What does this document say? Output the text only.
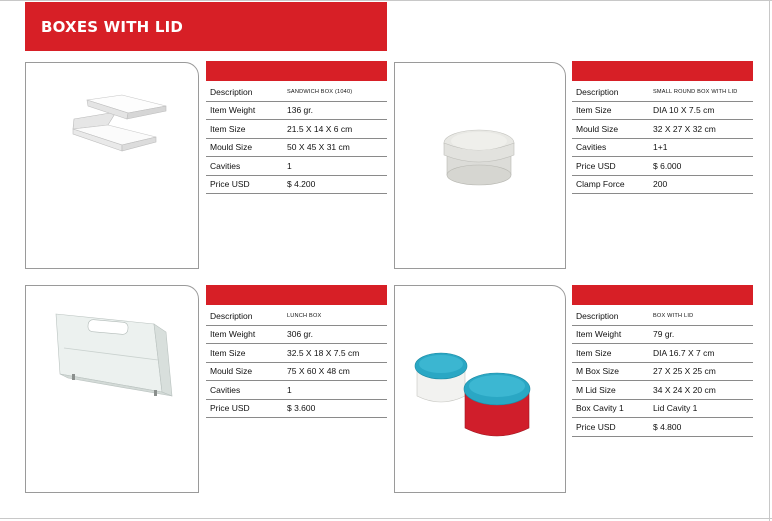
BOXES WITH LID
Description	SANDWICH BOX (1040)
Item Weight	136 gr.
Item Size	21.5 X 14 X 6 cm
Mould Size	50 X 45 X 31 cm
Cavities	1
Price USD	$ 4.200
Description	SMALL ROUND BOX WITH LID
Item Size	DIA 10 X 7.5 cm
Mould Size	32 X 27 X 32 cm
Cavities	1+1
Price USD	$ 6.000
Clamp Force	200
Description	LUNCH BOX
Item Weight	306 gr.
Item Size	32.5 X 18 X 7.5 cm
Mould Size	75 X 60 X 48 cm
Cavities	1
Price USD	$ 3.600
Description	BOX WITH LID
Item Weight	79 gr.
Item Size	DIA 16.7 X 7 cm
M Box Size	27 X 25 X 25 cm
M Lid Size	34 X 24 X 20 cm
Box Cavity 1	Lid Cavity 1
Price USD	$ 4.800
